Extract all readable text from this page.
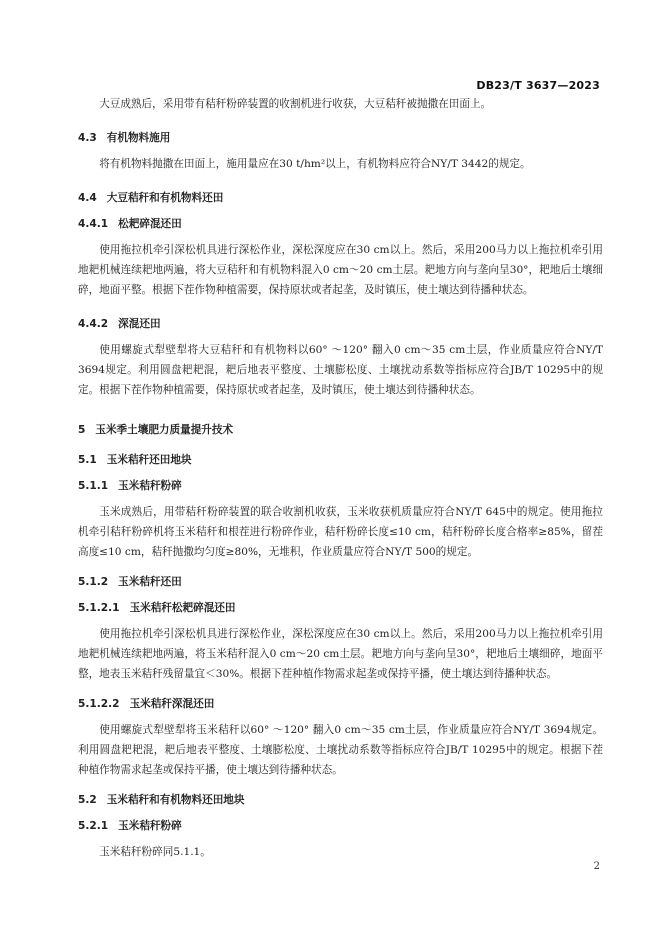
DB23/T 3637—2023

大豆成熟后，采用带有秸秆粉碎装置的收割机进行收获，大豆秸秆被抛撒在田面上。

4.3 有机物料施用

将有机物料抛撒在田面上，施用量应在30 t/hm²以上，有机物料应符合NY/T 3442的规定。

4.4 大豆秸秆和有机物料还田
4.4.1 松耙碎混还田

使用拖拉机牵引深松机具进行深松作业，深松深度应在30 cm以上。然后，采用200马力以上拖拉机牵引用地耙机械连续耙地两遍，将大豆秸秆和有机物料混入0 cm～20 cm土层。耙地方向与垄向呈30°，耙地后土壤细碎，地面平整。根据下茬作物种植需要，保持原状或者起垄，及时镇压，使土壤达到待播种状态。

4.4.2 深混还田

使用螺旋式犁壁犁将大豆秸秆和有机物料以60° ～120° 翻入0 cm～35 cm土层，作业质量应符合NY/T 3694规定。利用圆盘耙耙混，耙后地表平整度、土壤膨松度、土壤扰动系数等指标应符合JB/T 10295中的规定。根据下茬作物种植需要，保持原状或者起垄，及时镇压，使土壤达到待播种状态。

5 玉米季土壤肥力质量提升技术
5.1 玉米秸秆还田地块
5.1.1 玉米秸秆粉碎

玉米成熟后，用带秸秆粉碎装置的联合收割机收获，玉米收获机质量应符合NY/T 645中的规定。使用拖拉机牵引秸秆粉碎机将玉米秸秆和根茬进行粉碎作业，秸秆粉碎长度≤10 cm，秸秆粉碎长度合格率≥85%，留茬高度≤10 cm，秸秆抛撒均匀度≥80%，无堆积，作业质量应符合NY/T 500的规定。

5.1.2 玉米秸秆还田
5.1.2.1 玉米秸秆松耙碎混还田

使用拖拉机牵引深松机具进行深松作业，深松深度应在30 cm以上。然后，采用200马力以上拖拉机牵引用地耙机械连续耙地两遍，将玉米秸秆混入0 cm～20 cm土层。耙地方向与垄向呈30°，耙地后土壤细碎，地面平整，地表玉米秸秆残留量宜＜30%。根据下茬种植作物需求起垄或保持平播，使土壤达到待播种状态。

5.1.2.2 玉米秸秆深混还田

使用螺旋式犁壁犁将玉米秸秆以60° ～120° 翻入0 cm～35 cm土层，作业质量应符合NY/T 3694规定。利用圆盘耙耙混，耙后地表平整度、土壤膨松度、土壤扰动系数等指标应符合JB/T 10295中的规定。根据下茬种植作物需求起垄或保持平播，使土壤达到待播种状态。

5.2 玉米秸秆和有机物料还田地块
5.2.1 玉米秸秆粉碎

玉米秸秆粉碎同5.1.1。

2
